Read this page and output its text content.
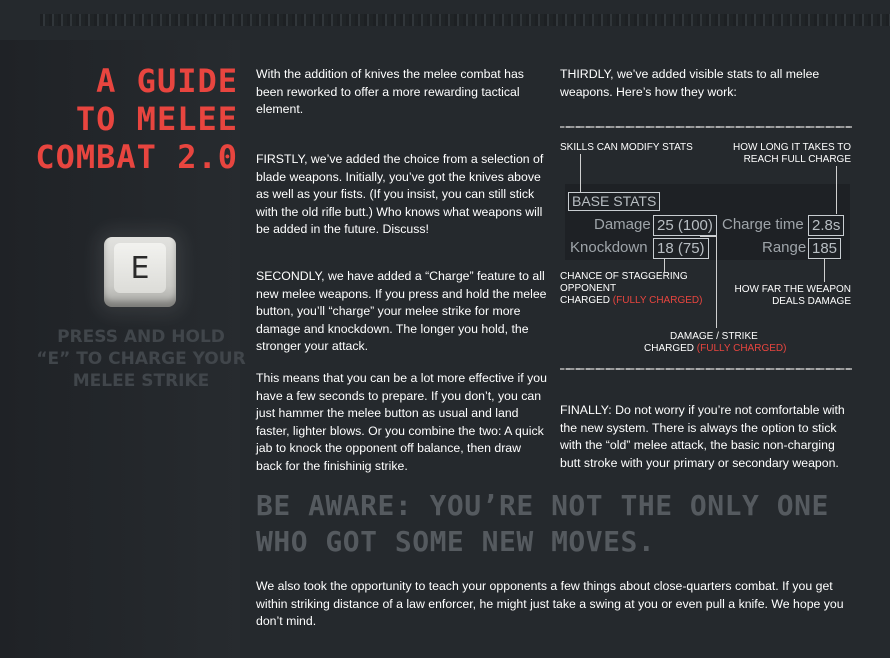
A GUIDE
TO MELEE
COMBAT 2.0
E
PRESS AND HOLD
“E” TO CHARGE YOUR
MELEE STRIKE
With the addition of knives the melee combat has been reworked to offer a more rewarding tactical element.
FIRSTLY, we’ve added the choice from a selection of blade weapons. Initially, you’ve got the knives above as well as your fists. (If you insist, you can still stick with the old rifle butt.) Who knows what weapons will be added in the future. Discuss!
SECONDLY, we have added a “Charge” feature to all new melee weapons. If you press and hold the melee button, you’ll “charge” your melee strike for more damage and knockdown. The longer you hold, the stronger your attack.
This means that you can be a lot more effective if you have a few seconds to prepare. If you don’t, you can just hammer the melee button as usual and land faster, lighter blows. Or you combine the two: A quick jab to knock the opponent off balance, then draw back for the finishinig strike.
THIRDLY, we’ve added visible stats to all melee weapons. Here’s how they work:
SKILLS CAN MODIFY STATS	HOW LONG IT TAKES TO
REACH FULL CHARGE
BASE STATS
Damage 25 (100)
Knockdown 18 (75)
Charge time 2.8s
Range 185
CHANCE OF STAGGERING
OPPONENT
CHARGED (FULLY CHARGED)
HOW FAR THE WEAPON
DEALS DAMAGE
DAMAGE / STRIKE
CHARGED (FULLY CHARGED)
FINALLY: Do not worry if you’re not comfortable with the new system. There is always the option to stick with the “old” melee attack, the basic non-charging butt stroke with your primary or secondary weapon.
BE AWARE: YOU’RE NOT THE ONLY ONE WHO GOT SOME NEW MOVES.
We also took the opportunity to teach your opponents a few things about close-quarters combat. If you get within striking distance of a law enforcer, he might just take a swing at you or even pull a knife. We hope you don’t mind.
